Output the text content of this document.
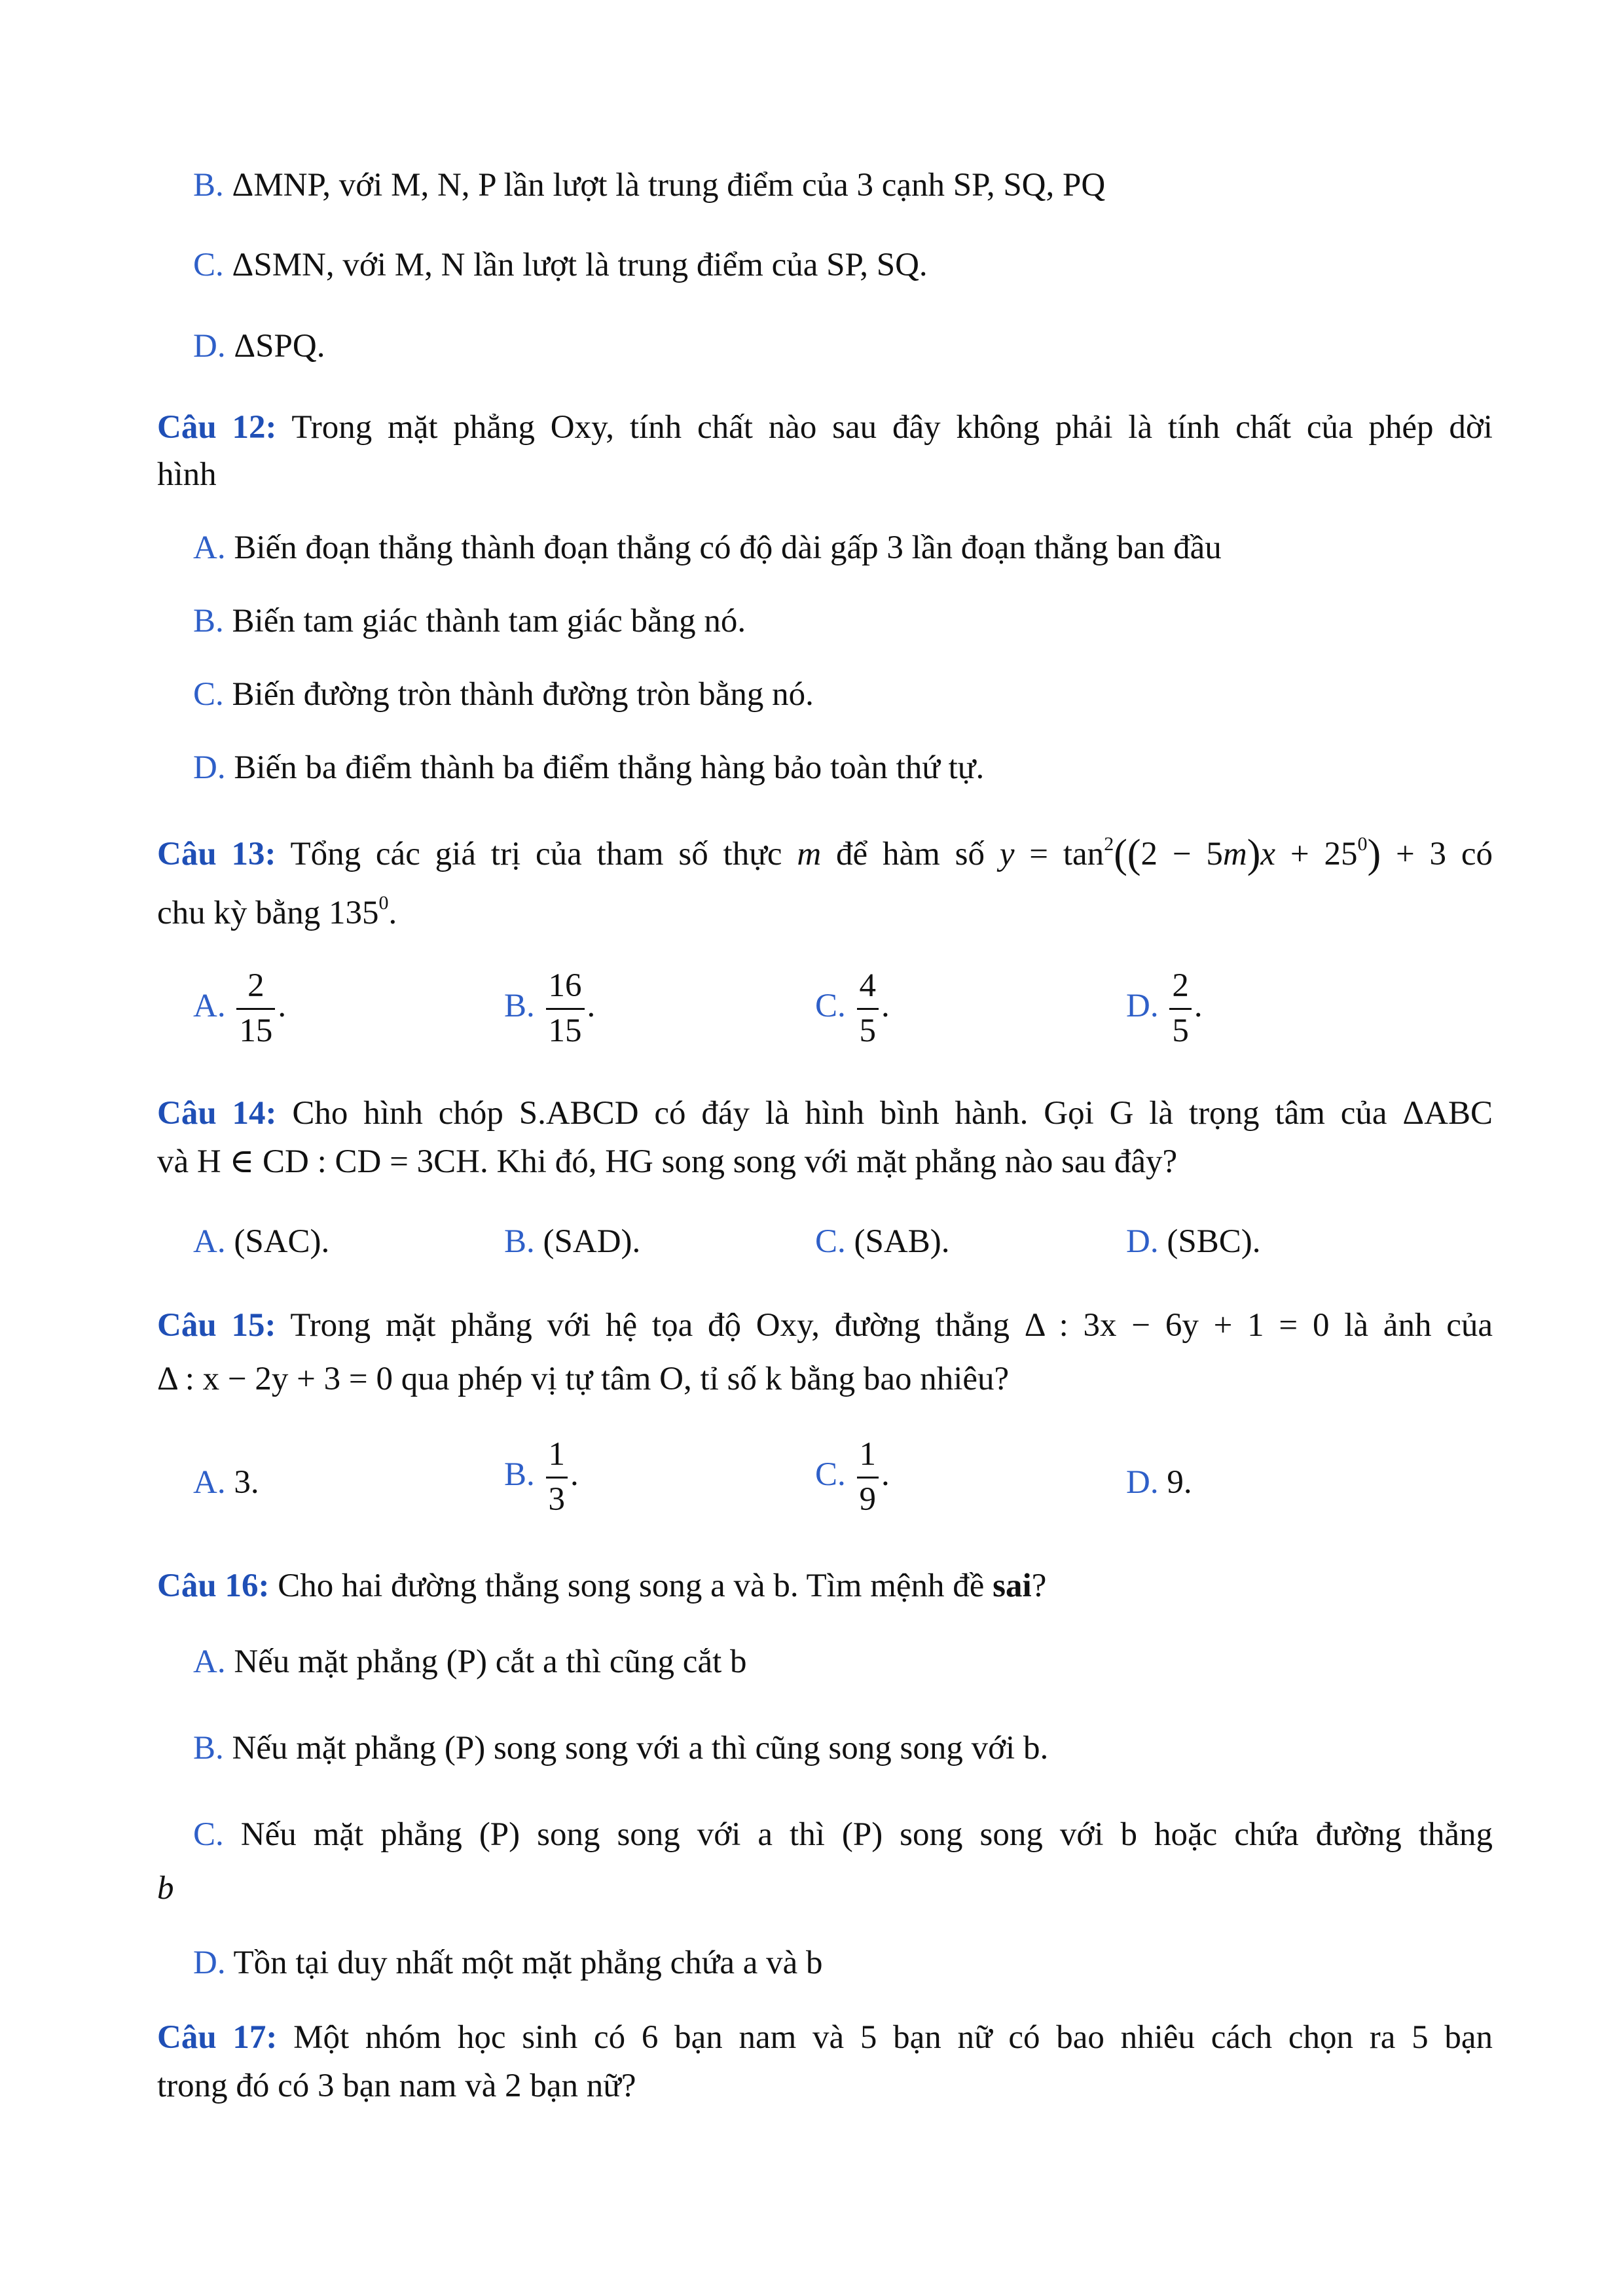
B. ΔMNP, với M, N, P lần lượt là trung điểm của 3 cạnh SP, SQ, PQ
C. ΔSMN, với M, N lần lượt là trung điểm của SP, SQ.
D. ΔSPQ.
Câu 12: Trong mặt phẳng Oxy, tính chất nào sau đây không phải là tính chất của phép dời
hình
A. Biến đoạn thẳng thành đoạn thẳng có độ dài gấp 3 lần đoạn thẳng ban đầu
B. Biến tam giác thành tam giác bằng nó.
C. Biến đường tròn thành đường tròn bằng nó.
D. Biến ba điểm thành ba điểm thẳng hàng bảo toàn thứ tự.
Câu 13: Tổng các giá trị của tham số thực m để hàm số $y = \tan^2((2 - 5m)x + 25^0) + 3$ có
chu kỳ bằng $135^0$.
A. $\frac{2}{15}$ .	B. $\frac{16}{15}$ .	C. $\frac{4}{5}$ .	D. $\frac{2}{5}$ .
Câu 14: Cho hình chóp S.ABCD có đáy là hình bình hành. Gọi G là trọng tâm của ΔABC
và H ∈ CD : CD = 3CH. Khi đó, HG song song với mặt phẳng nào sau đây?
A. (SAC).	B. (SAD).	C. (SAB).	D. (SBC).
Câu 15: Trong mặt phẳng với hệ tọa độ Oxy, đường thẳng Δ : 3x − 6y + 1 = 0 là ảnh của
Δ : x − 2y + 3 = 0 qua phép vị tự tâm O, tỉ số k bằng bao nhiêu?
A. 3.	B. $\frac{1}{3}$ .	C. $\frac{1}{9}$ .	D. 9.
Câu 16: Cho hai đường thẳng song song a và b. Tìm mệnh đề sai?
A. Nếu mặt phẳng (P) cắt a thì cũng cắt b
B. Nếu mặt phẳng (P) song song với a thì cũng song song với b.
C. Nếu mặt phẳng (P) song song với a thì (P) song song với b hoặc chứa đường thẳng
b
D. Tồn tại duy nhất một mặt phẳng chứa a và b
Câu 17: Một nhóm học sinh có 6 bạn nam và 5 bạn nữ có bao nhiêu cách chọn ra 5 bạn
trong đó có 3 bạn nam và 2 bạn nữ?
